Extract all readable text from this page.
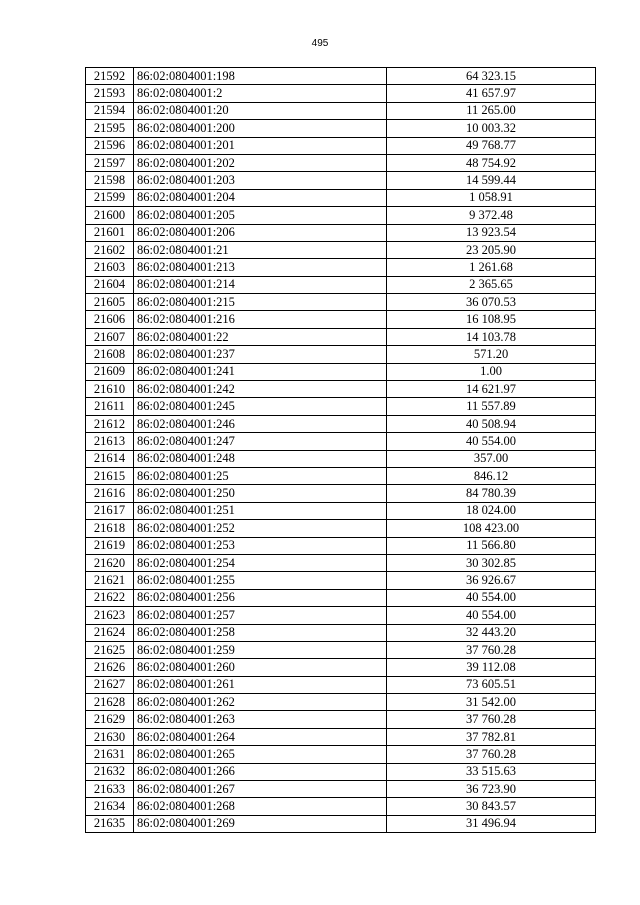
495
21592	86:02:0804001:198	64 323.15
21593	86:02:0804001:2	41 657.97
21594	86:02:0804001:20	11 265.00
21595	86:02:0804001:200	10 003.32
21596	86:02:0804001:201	49 768.77
21597	86:02:0804001:202	48 754.92
21598	86:02:0804001:203	14 599.44
21599	86:02:0804001:204	1 058.91
21600	86:02:0804001:205	9 372.48
21601	86:02:0804001:206	13 923.54
21602	86:02:0804001:21	23 205.90
21603	86:02:0804001:213	1 261.68
21604	86:02:0804001:214	2 365.65
21605	86:02:0804001:215	36 070.53
21606	86:02:0804001:216	16 108.95
21607	86:02:0804001:22	14 103.78
21608	86:02:0804001:237	571.20
21609	86:02:0804001:241	1.00
21610	86:02:0804001:242	14 621.97
21611	86:02:0804001:245	11 557.89
21612	86:02:0804001:246	40 508.94
21613	86:02:0804001:247	40 554.00
21614	86:02:0804001:248	357.00
21615	86:02:0804001:25	846.12
21616	86:02:0804001:250	84 780.39
21617	86:02:0804001:251	18 024.00
21618	86:02:0804001:252	108 423.00
21619	86:02:0804001:253	11 566.80
21620	86:02:0804001:254	30 302.85
21621	86:02:0804001:255	36 926.67
21622	86:02:0804001:256	40 554.00
21623	86:02:0804001:257	40 554.00
21624	86:02:0804001:258	32 443.20
21625	86:02:0804001:259	37 760.28
21626	86:02:0804001:260	39 112.08
21627	86:02:0804001:261	73 605.51
21628	86:02:0804001:262	31 542.00
21629	86:02:0804001:263	37 760.28
21630	86:02:0804001:264	37 782.81
21631	86:02:0804001:265	37 760.28
21632	86:02:0804001:266	33 515.63
21633	86:02:0804001:267	36 723.90
21634	86:02:0804001:268	30 843.57
21635	86:02:0804001:269	31 496.94
